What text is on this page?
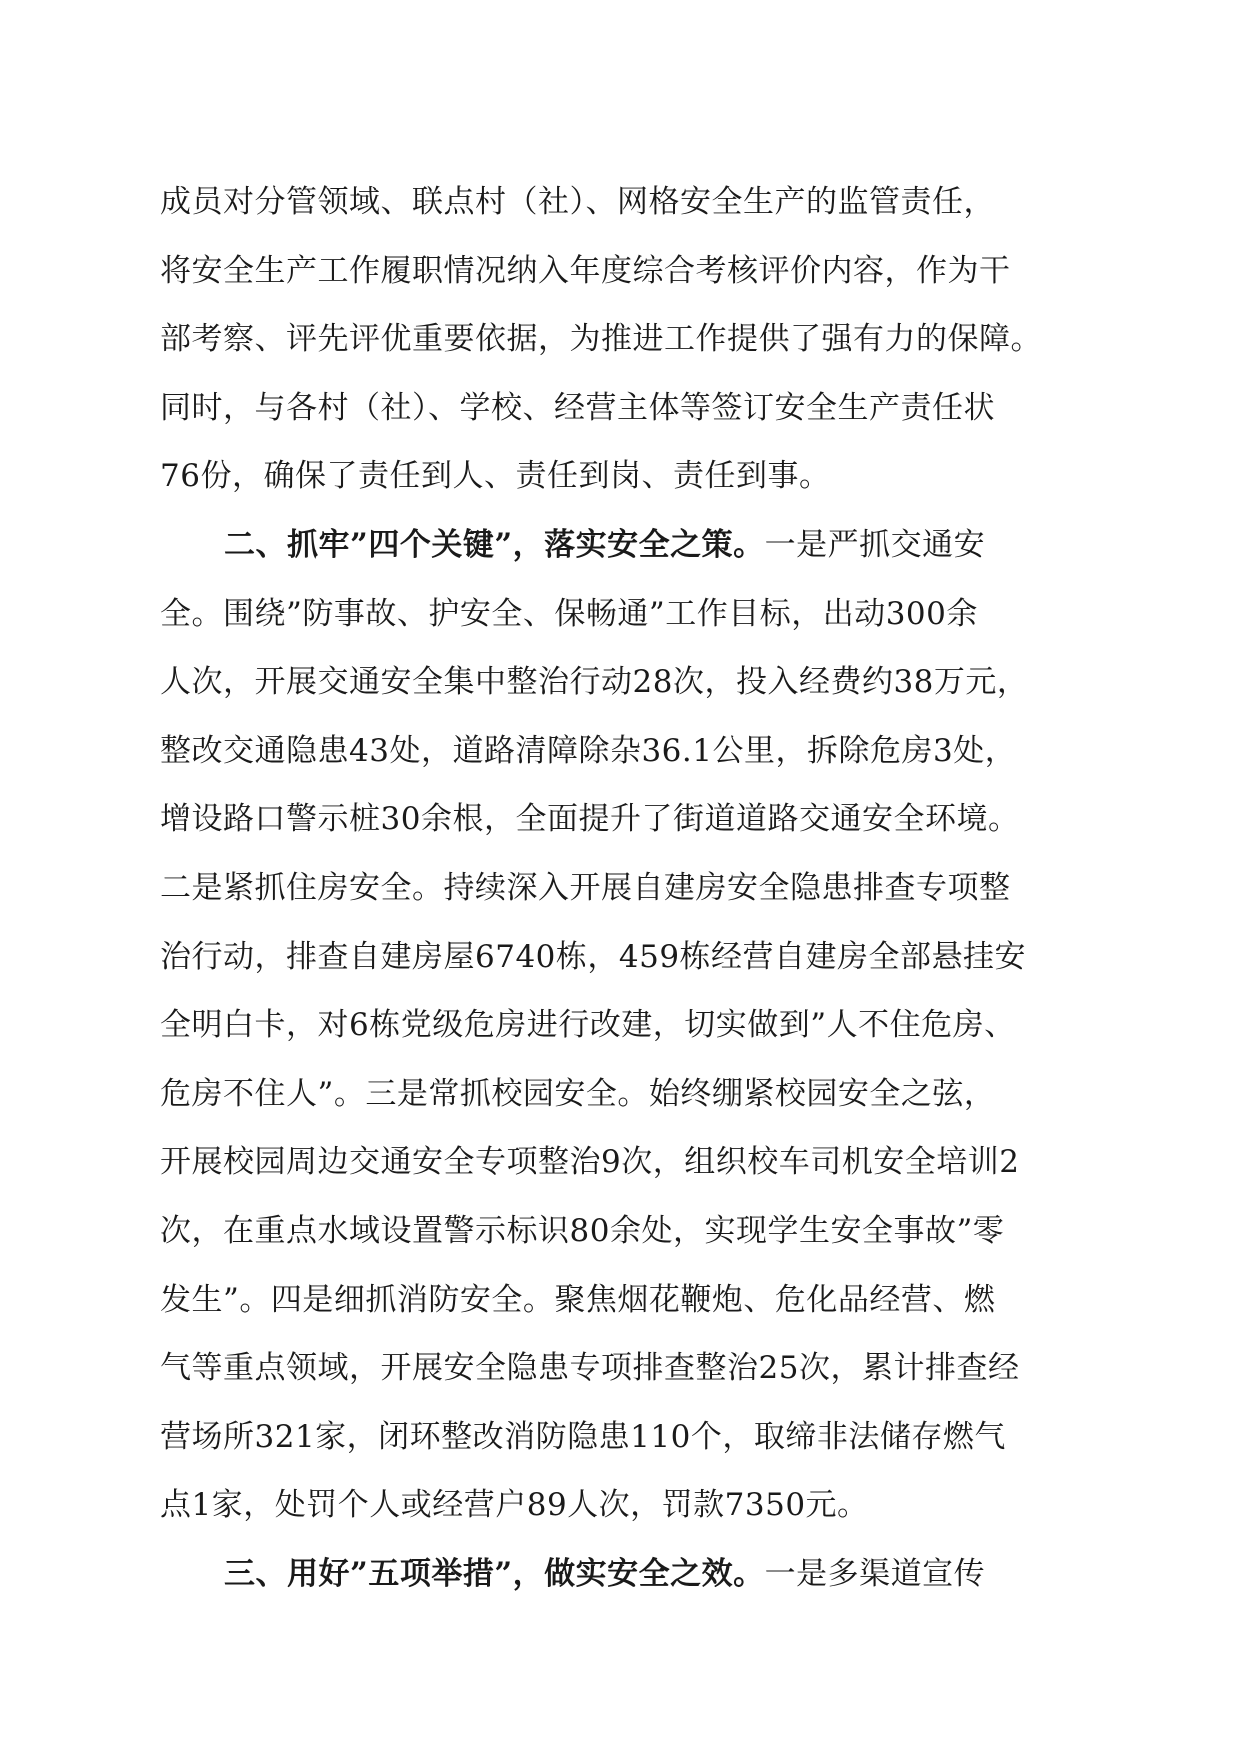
成员对分管领域、联点村（社）、网格安全生产的监管责任，
将安全生产工作履职情况纳入年度综合考核评价内容，作为干
部考察、评先评优重要依据，为推进工作提供了强有力的保障。
同时，与各村（社）、学校、经营主体等签订安全生产责任状
76份，确保了责任到人、责任到岗、责任到事。
二、抓牢”四个关键”，落实安全之策。一是严抓交通安
全。围绕”防事故、护安全、保畅通”工作目标，出动300余
人次，开展交通安全集中整治行动28次，投入经费约38万元，
整改交通隐患43处，道路清障除杂36.1公里，拆除危房3处，
增设路口警示桩30余根，全面提升了街道道路交通安全环境。
二是紧抓住房安全。持续深入开展自建房安全隐患排查专项整
治行动，排查自建房屋6740栋，459栋经营自建房全部悬挂安
全明白卡，对6栋党级危房进行改建，切实做到”人不住危房、
危房不住人”。三是常抓校园安全。始终绷紧校园安全之弦，
开展校园周边交通安全专项整治9次，组织校车司机安全培训2
次，在重点水域设置警示标识80余处，实现学生安全事故”零
发生”。四是细抓消防安全。聚焦烟花鞭炮、危化品经营、燃
气等重点领域，开展安全隐患专项排查整治25次，累计排查经
营场所321家，闭环整改消防隐患110个，取缔非法储存燃气
点1家，处罚个人或经营户89人次，罚款7350元。
三、用好”五项举措”，做实安全之效。一是多渠道宣传
